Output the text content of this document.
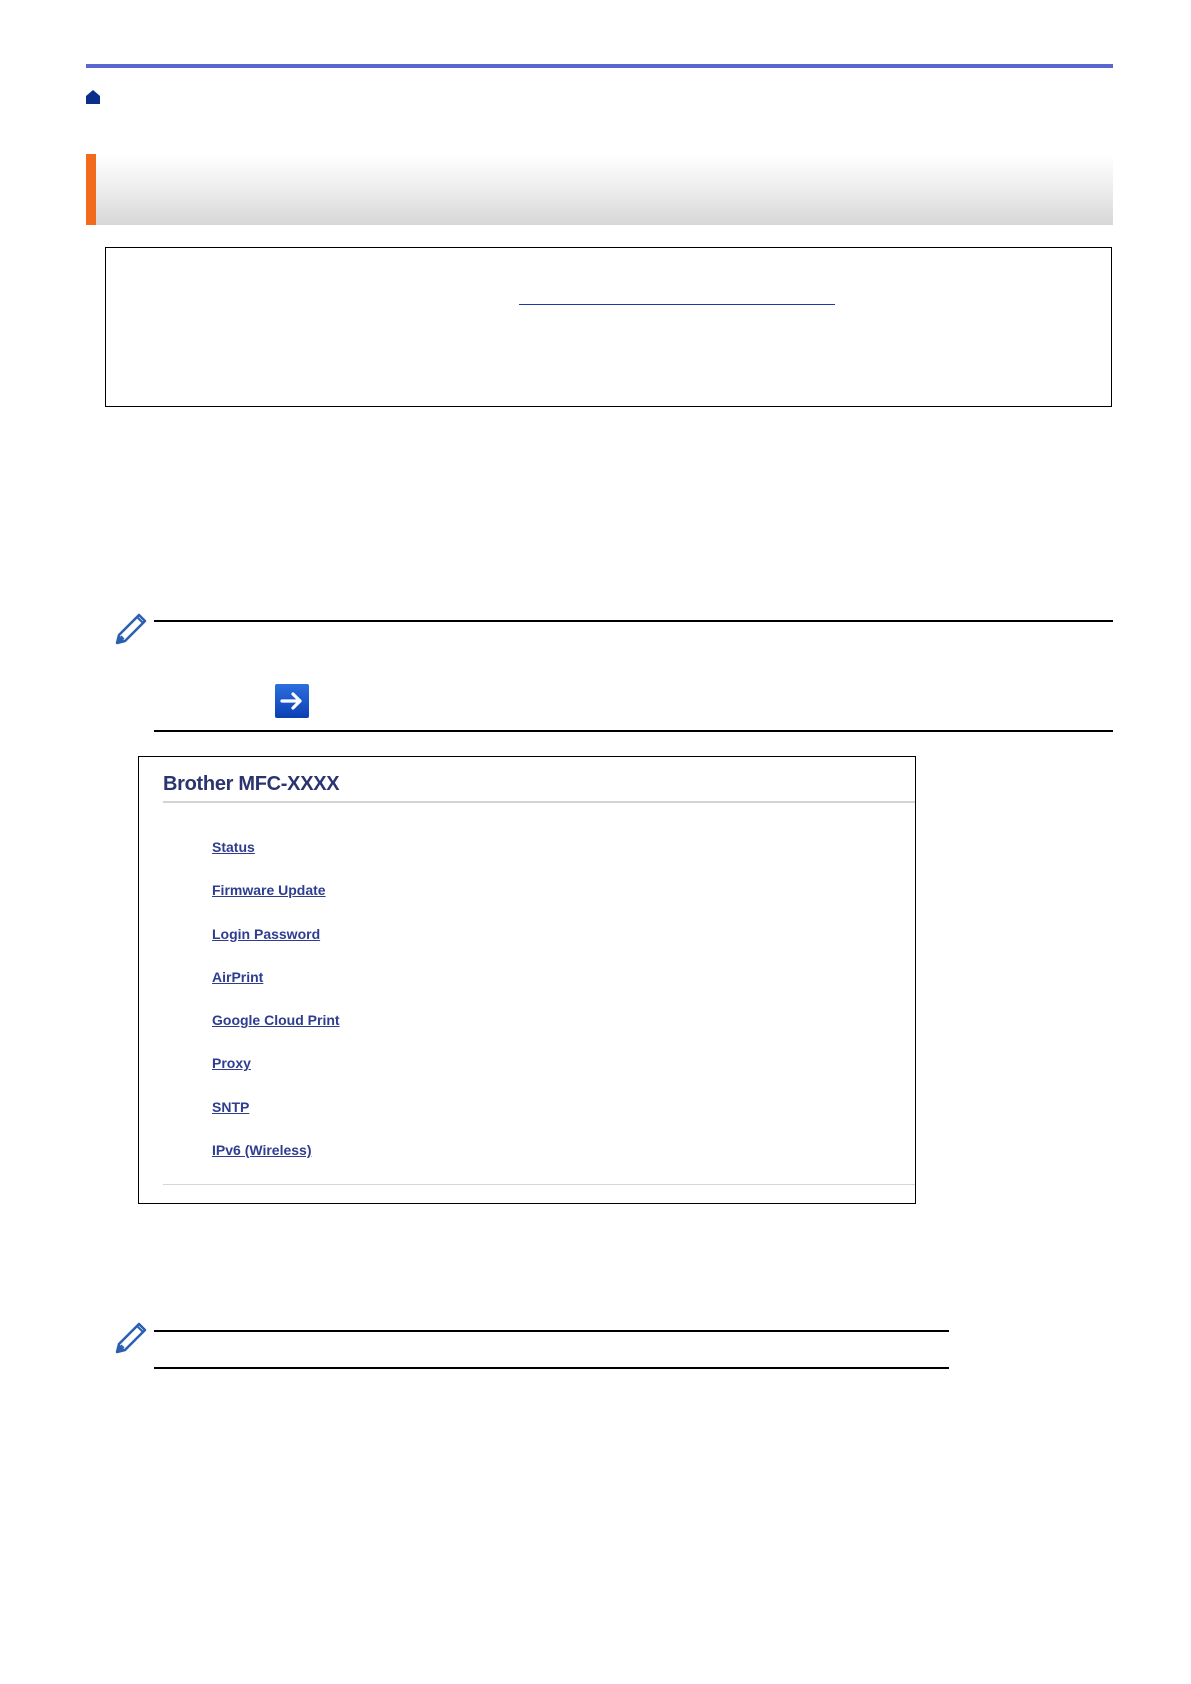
Brother MFC-XXXX
Status
Firmware Update
Login Password
AirPrint
Google Cloud Print
Proxy
SNTP
IPv6 (Wireless)
